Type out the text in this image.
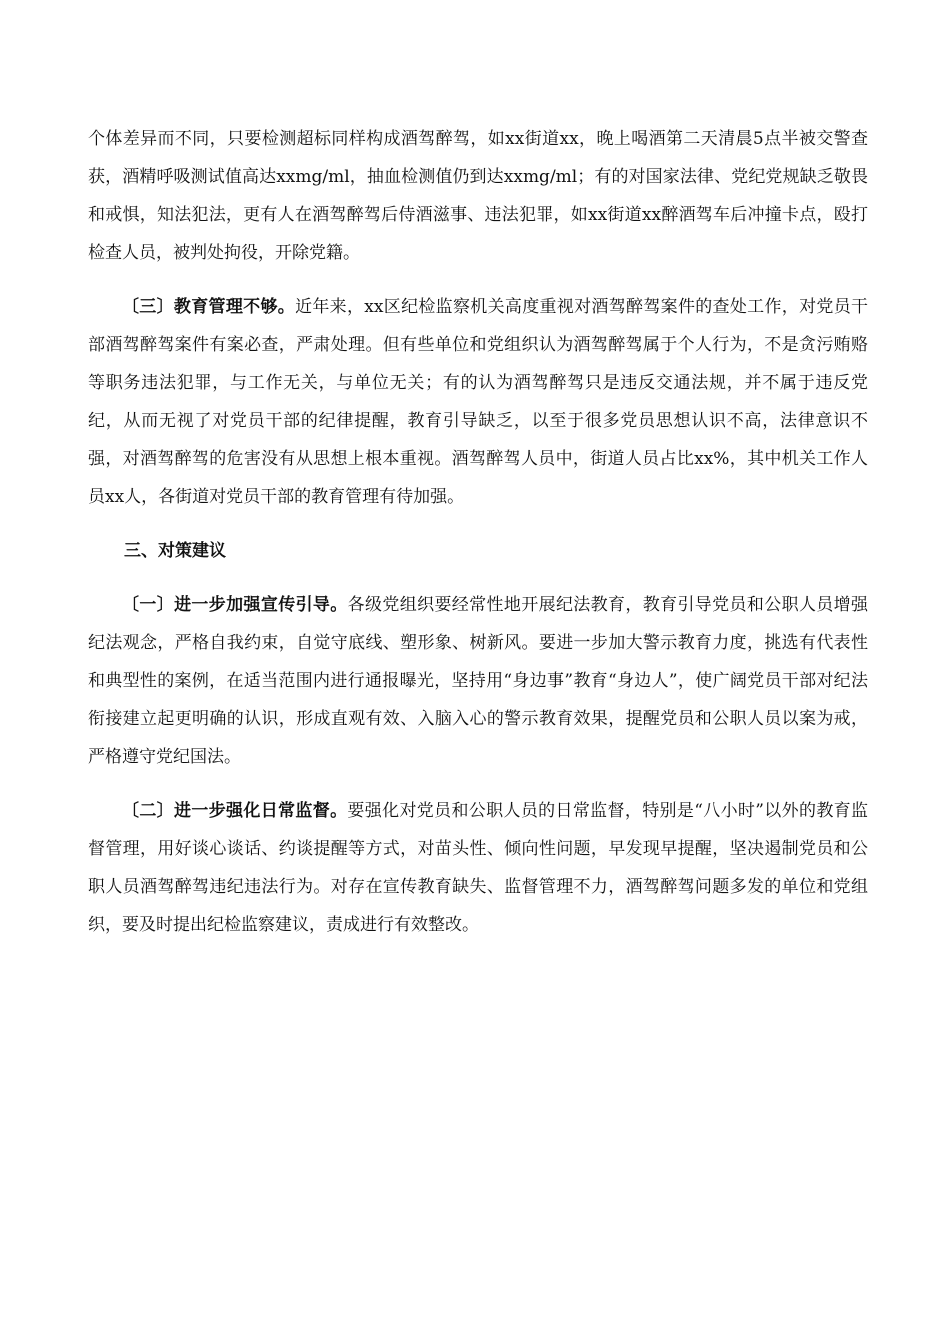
个体差异而不同，只要检测超标同样构成酒驾醉驾，如xx街道xx，晚上喝酒第二天清晨5点半被交警查获，酒精呼吸测试值高达xxmg/ml，抽血检测值仍到达xxmg/ml；有的对国家法律、党纪党规缺乏敬畏和戒惧，知法犯法，更有人在酒驾醉驾后侍酒滋事、违法犯罪，如xx街道xx醉酒驾车后冲撞卡点，殴打检查人员，被判处拘役，开除党籍。

〔三〕教育管理不够。近年来，xx区纪检监察机关高度重视对酒驾醉驾案件的查处工作，对党员干部酒驾醉驾案件有案必查，严肃处理。但有些单位和党组织认为酒驾醉驾属于个人行为，不是贪污贿赂等职务违法犯罪，与工作无关，与单位无关；有的认为酒驾醉驾只是违反交通法规，并不属于违反党纪，从而无视了对党员干部的纪律提醒，教育引导缺乏，以至于很多党员思想认识不高，法律意识不强，对酒驾醉驾的危害没有从思想上根本重视。酒驾醉驾人员中，街道人员占比xx%，其中机关工作人员xx人，各街道对党员干部的教育管理有待加强。

三、对策建议

〔一〕进一步加强宣传引导。各级党组织要经常性地开展纪法教育，教育引导党员和公职人员增强纪法观念，严格自我约束，自觉守底线、塑形象、树新风。要进一步加大警示教育力度，挑选有代表性和典型性的案例，在适当范围内进行通报曝光，坚持用“身边事”教育“身边人”，使广阔党员干部对纪法衔接建立起更明确的认识，形成直观有效、入脑入心的警示教育效果，提醒党员和公职人员以案为戒，严格遵守党纪国法。

〔二〕进一步强化日常监督。要强化对党员和公职人员的日常监督，特别是“八小时”以外的教育监督管理，用好谈心谈话、约谈提醒等方式，对苗头性、倾向性问题，早发现早提醒，坚决遏制党员和公职人员酒驾醉驾违纪违法行为。对存在宣传教育缺失、监督管理不力，酒驾醉驾问题多发的单位和党组织，要及时提出纪检监察建议，责成进行有效整改。
